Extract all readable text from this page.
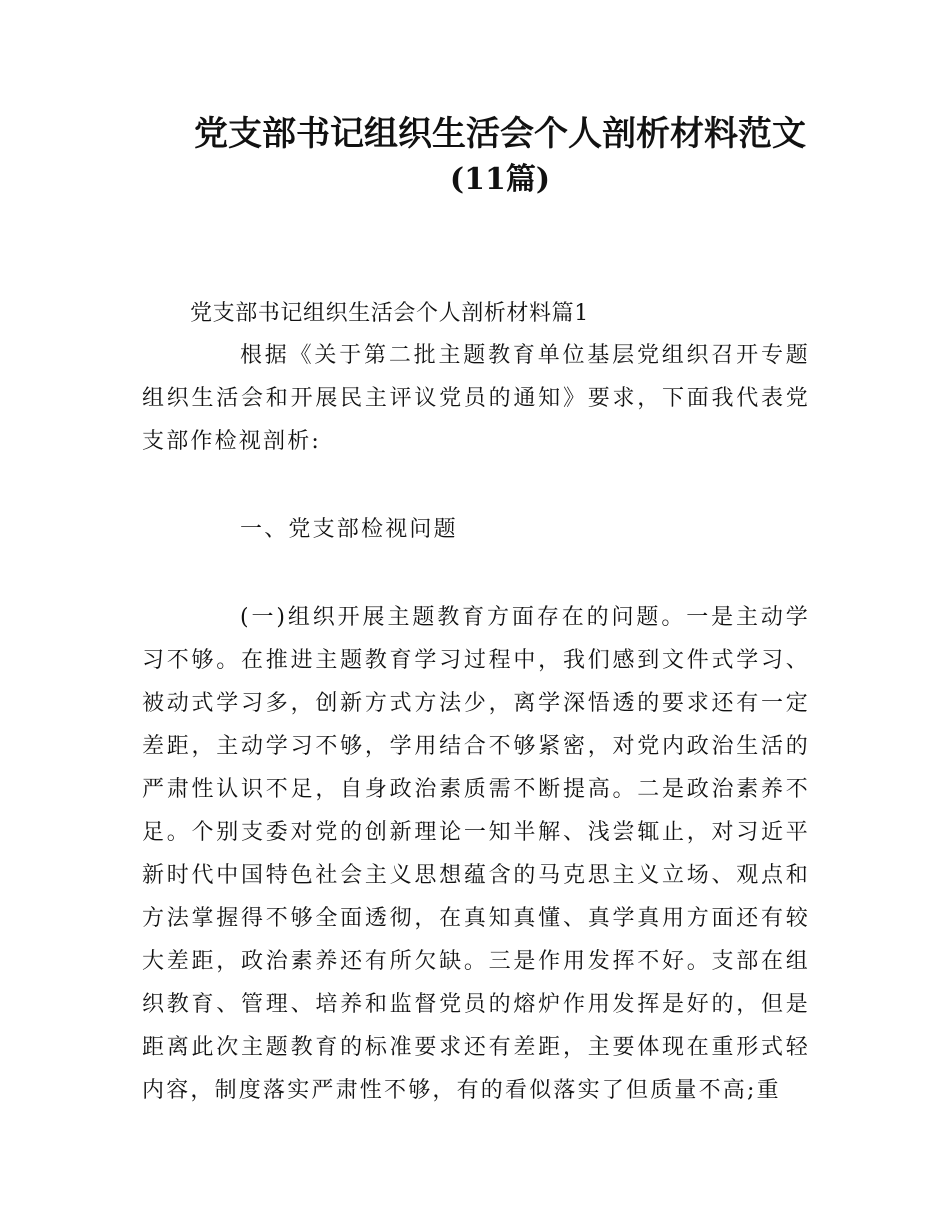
党支部书记组织生活会个人剖析材料范文
(11篇)

党支部书记组织生活会个人剖析材料篇1

根据《关于第二批主题教育单位基层党组织召开专题组织生活会和开展民主评议党员的通知》要求，下面我代表党支部作检视剖析:

一、党支部检视问题

(一)组织开展主题教育方面存在的问题。一是主动学习不够。在推进主题教育学习过程中，我们感到文件式学习、被动式学习多，创新方式方法少，离学深悟透的要求还有一定差距，主动学习不够，学用结合不够紧密，对党内政治生活的严肃性认识不足，自身政治素质需不断提高。二是政治素养不足。个别支委对党的创新理论一知半解、浅尝辄止，对习近平新时代中国特色社会主义思想蕴含的马克思主义立场、观点和方法掌握得不够全面透彻，在真知真懂、真学真用方面还有较大差距，政治素养还有所欠缺。三是作用发挥不好。支部在组织教育、管理、培养和监督党员的熔炉作用发挥是好的，但是距离此次主题教育的标准要求还有差距，主要体现在重形式轻内容，制度落实严肃性不够，有的看似落实了但质量不高;重
